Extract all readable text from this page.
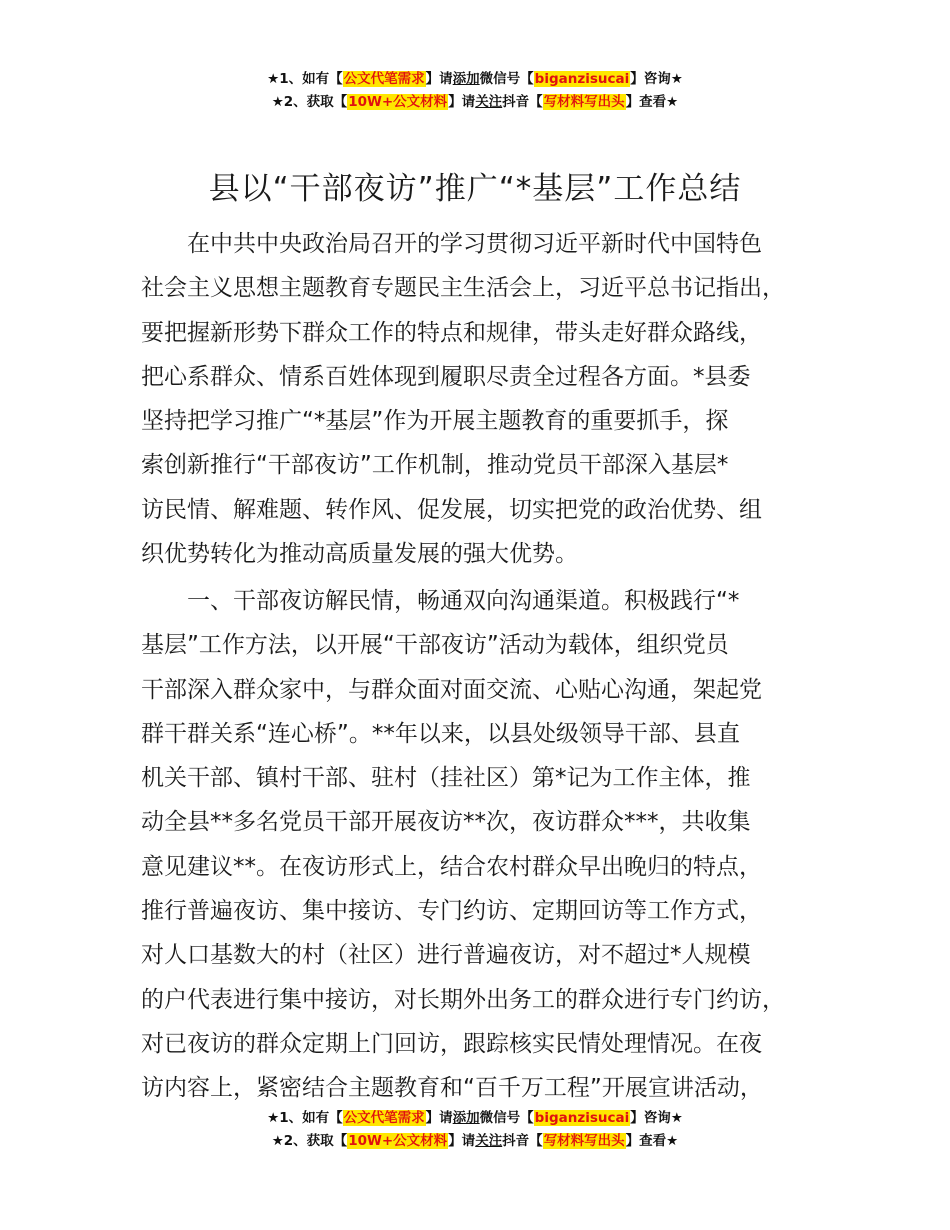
★1、如有【公文代笔需求】请添加微信号【biganzisucai】咨询★
★2、获取【10W+公文材料】请关注抖音【写材料写出头】查看★
县以“干部夜访”推广“*基层”工作总结
　　在中共中央政治局召开的学习贯彻习近平新时代中国特色
社会主义思想主题教育专题民主生活会上，习近平总书记指出，
要把握新形势下群众工作的特点和规律，带头走好群众路线，
把心系群众、情系百姓体现到履职尽责全过程各方面。*县委
坚持把学习推广“*基层”作为开展主题教育的重要抓手，探
索创新推行“干部夜访”工作机制，推动党员干部深入基层*
访民情、解难题、转作风、促发展，切实把党的政治优势、组
织优势转化为推动高质量发展的强大优势。
　　一、干部夜访解民情，畅通双向沟通渠道。积极践行“*
基层”工作方法，以开展“干部夜访”活动为载体，组织党员
干部深入群众家中，与群众面对面交流、心贴心沟通，架起党
群干群关系“连心桥”。**年以来，以县处级领导干部、县直
机关干部、镇村干部、驻村（挂社区）第*记为工作主体，推
动全县**多名党员干部开展夜访**次，夜访群众***，共收集
意见建议**。在夜访形式上，结合农村群众早出晚归的特点，
推行普遍夜访、集中接访、专门约访、定期回访等工作方式，
对人口基数大的村（社区）进行普遍夜访，对不超过*人规模
的户代表进行集中接访，对长期外出务工的群众进行专门约访，
对已夜访的群众定期上门回访，跟踪核实民情处理情况。在夜
访内容上，紧密结合主题教育和“百千万工程”开展宣讲活动，
★1、如有【公文代笔需求】请添加微信号【biganzisucai】咨询★
★2、获取【10W+公文材料】请关注抖音【写材料写出头】查看★
